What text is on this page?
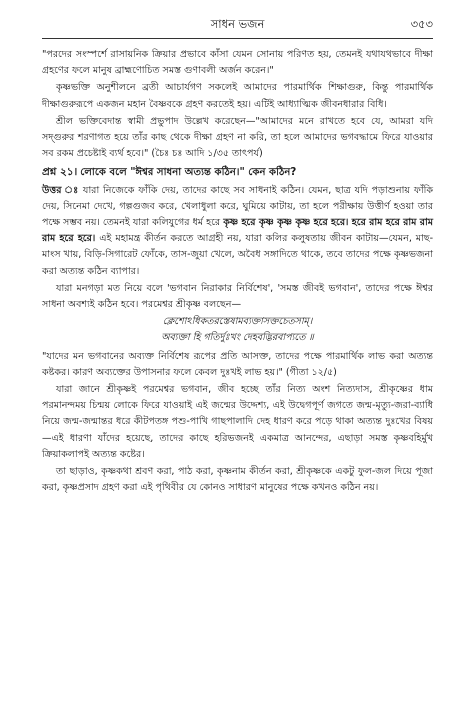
সাধন ভজন	৩৫৩

"পরদের সংস্পর্শে রাসায়নিক ক্রিয়ার প্রভাবে কাঁসা যেমন সোনায় পরিণত হয়, তেমনই যথাযথভাবে দীক্ষা গ্রহণের ফলে মানুষ ব্রাহ্মণোচিত সমস্ত গুণাবলী অর্জন করেন।"

কৃষ্ণভক্তি অনুশীলনে ব্রতী আচার্যগণ সকলেই আমাদের পারমার্থিক শিক্ষাগুরু, কিন্তু পারমার্থিক দীক্ষাগুরুরূপে একজন মহান বৈষ্ণবকে গ্রহণ করতেই হয়। এটিই আধ্যাত্মিক জীবনধারার বিধি।

শ্রীল ভক্তিবেদান্ত স্বামী প্রভুপাদ উল্লেখ করেছেন—"আমাদের মনে রাখতে হবে যে, আমরা যদি সদ্গুরুর শরণাগত হয়ে তাঁর কাছ থেকে দীক্ষা গ্রহণ না করি, তা হলে আমাদের ভগবদ্ধামে ফিরে যাওয়ার সব রকম প্রচেষ্টাই ব্যর্থ হবে।" (চৈঃ চঃ আদি ১/৩৫ তাৎপর্য)

প্রশ্ন ২১। লোকে বলে "ঈশ্বর সাধনা অত্যন্ত কঠিন।" কেন কঠিন?

উত্তর ঃ যারা নিজেকে ফাঁকি দেয়, তাদের কাছে সব সাধনাই কঠিন। যেমন, ছাত্র যদি পড়াশুনায় ফাঁকি দেয়, সিনেমা দেখে, গল্পগুজব করে, খেলাধুলা করে, ঘুমিয়ে কাটায়, তা হলে পরীক্ষায় উত্তীর্ণ হওয়া তার পক্ষে সম্ভব নয়। তেমনই যারা কলিযুগের ধর্ম হরে কৃষ্ণ হরে কৃষ্ণ কৃষ্ণ কৃষ্ণ হরে হরে। হরে রাম হরে রাম রাম রাম হরে হরে। এই মহামন্ত্র কীর্তন করতে আগ্রহী নয়, যারা কলির কলুষতায় জীবন কাটায়—যেমন, মাছ-মাংস খায়, বিড়ি-সিগারেট ফোঁকে, তাস-জুয়া খেলে, অবৈধ সঙ্গাদিতে থাকে, তবে তাদের পক্ষে কৃষ্ণভজনা করা অত্যন্ত কঠিন ব্যাপার।

যারা মনগড়া মত নিয়ে বলে 'ভগবান নিরাকার নির্বিশেষ', 'সমস্ত জীবই ভগবান', তাদের পক্ষে ঈশ্বর সাধনা অবশ্যই কঠিন হবে। পরমেশ্বর শ্রীকৃষ্ণ বলছেন—

ক্লেশোঽধিকতরস্তেষামব্যক্তাসক্তচেতসাম্।

অব্যক্তা হি গতির্দুঃখং দেহবদ্ভিরবাপ্যতে ॥

"যাদের মন ভগবানের অব্যক্ত নির্বিশেষ রূপের প্রতি আসক্ত, তাদের পক্ষে পারমার্থিক লাভ করা অত্যন্ত কষ্টকর। কারণ অব্যক্তের উপাসনার ফলে কেবল দুঃখই লাভ হয়।" (গীতা ১২/৫)

যারা জানে শ্রীকৃষ্ণই পরমেশ্বর ভগবান, জীব হচ্ছে তাঁর নিত্য অংশ নিত্যদাস, শ্রীকৃষ্ণের ধাম পরমানন্দময় চিন্ময় লোকে ফিরে যাওয়াই এই জন্মের উদ্দেশ্য, এই উদ্বেগপূর্ণ জগতে জন্ম-মৃত্যু-জরা-ব্যাধি নিয়ে জন্ম-জন্মান্তর ধরে কীটপতঙ্গ পশু-পাখি গাছপালাদি দেহ ধারণ করে পড়ে থাকা অত্যন্ত দুঃখের বিষয়—এই ধারণা যাঁদের হয়েছে, তাদের কাছে হরিভজনই একমাত্র আনন্দের, এছাড়া সমস্ত কৃষ্ণবহির্মুখ ক্রিয়াকলাপই অত্যন্ত কষ্টের।

তা ছাড়াও, কৃষ্ণকথা শ্রবণ করা, পাঠ করা, কৃষ্ণনাম কীর্তন করা, শ্রীকৃষ্ণকে একটু ফুল-জল দিয়ে পূজা করা, কৃষ্ণপ্রসাদ গ্রহণ করা এই পৃথিবীর যে কোনও সাধারণ মানুষের পক্ষে কখনও কঠিন নয়।
